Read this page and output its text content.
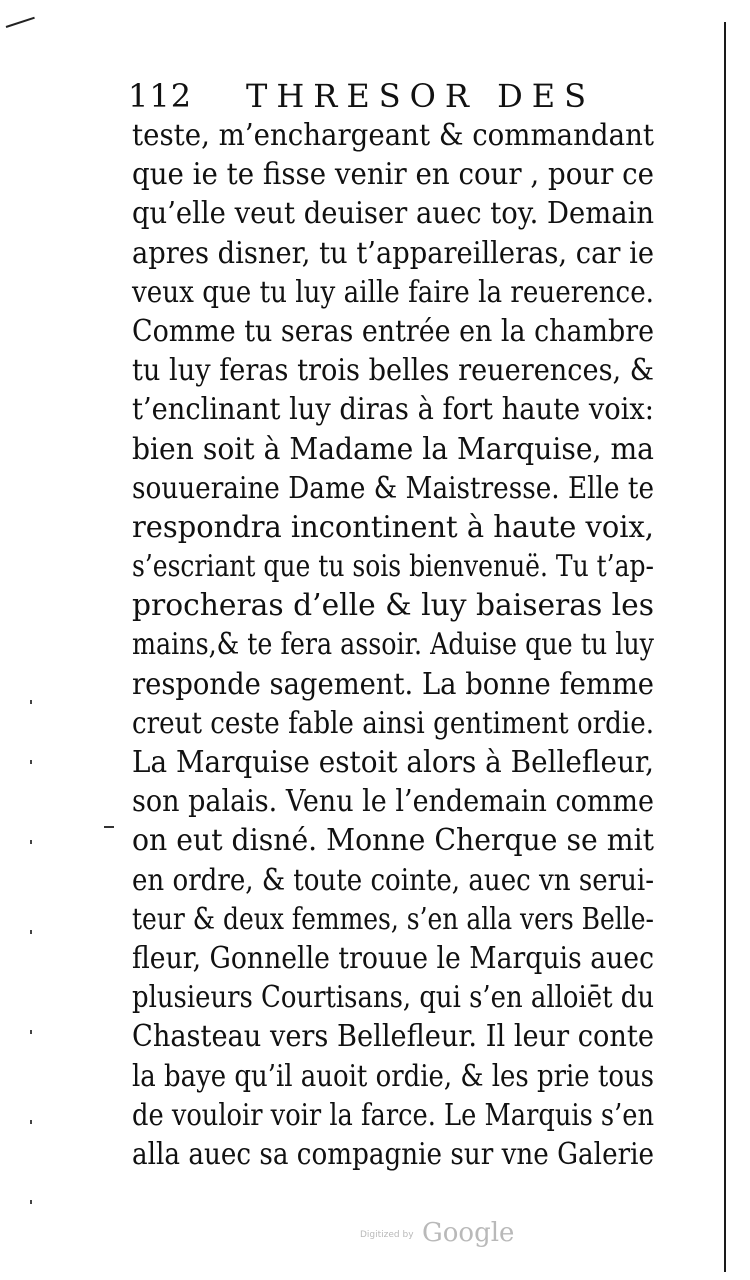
112 THRESOR DES
teste, m’enchargeant & commandant
que ie te fisse venir en cour , pour ce
qu’elle veut deuiser auec toy. Demain
apres disner, tu t’appareilleras, car ie
veux que tu luy aille faire la reuerence.
Comme tu seras entrée en la chambre
tu luy feras trois belles reuerences, &
t’enclinant luy diras à fort haute voix:
bien soit à Madame la Marquise, ma
souueraine Dame & Maistresse. Elle te
respondra incontinent à haute voix,
s’escriant que tu sois bienvenuë. Tu t’ap-
procheras d’elle & luy baiseras les
mains,& te fera assoir. Aduise que tu luy
responde sagement. La bonne femme
creut ceste fable ainsi gentiment ordie.
La Marquise estoit alors à Bellefleur,
son palais. Venu le l’endemain comme
on eut disné. Monne Cherque se mit
en ordre, & toute cointe, auec vn serui-
teur & deux femmes, s’en alla vers Belle-
fleur, Gonnelle trouue le Marquis auec
plusieurs Courtisans, qui s’en alloiēt du
Chasteau vers Bellefleur. Il leur conte
la baye qu’il auoit ordie, & les prie tous
de vouloir voir la farce. Le Marquis s’en
alla auec sa compagnie sur vne Galerie
Digitized by Google
